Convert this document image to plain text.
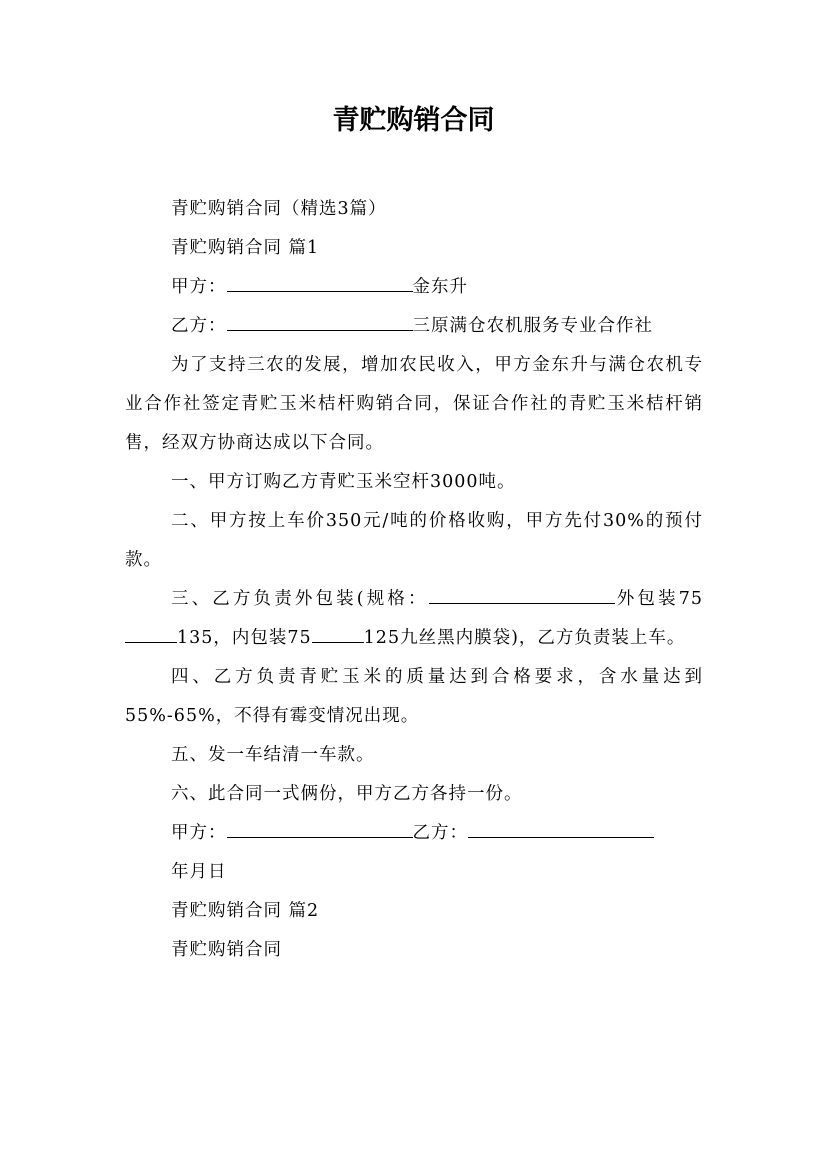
青贮购销合同
青贮购销合同（精选3篇）
青贮购销合同 篇1
甲方：	金东升

乙方：	三原满仓农机服务专业合作社

为了支持三农的发展，增加农民收入，甲方金东升与满仓农机专业合作社签定青贮玉米桔杆购销合同，保证合作社的青贮玉米桔杆销售，经双方协商达成以下合同。

一、甲方订购乙方青贮玉米空杆3000吨。

二、甲方按上车价350元/吨的价格收购，甲方先付30%的预付款。

三、乙方负责外包装(规格：	外包装75135，内包装75	125九丝黑内膜袋)，乙方负责装上车。

四、乙方负责青贮玉米的质量达到合格要求，含水量达到55%-65%，不得有霉变情况出现。

五、发一车结清一车款。

六、此合同一式俩份，甲方乙方各持一份。

甲方：	乙方：
年月日
青贮购销合同 篇2
青贮购销合同
